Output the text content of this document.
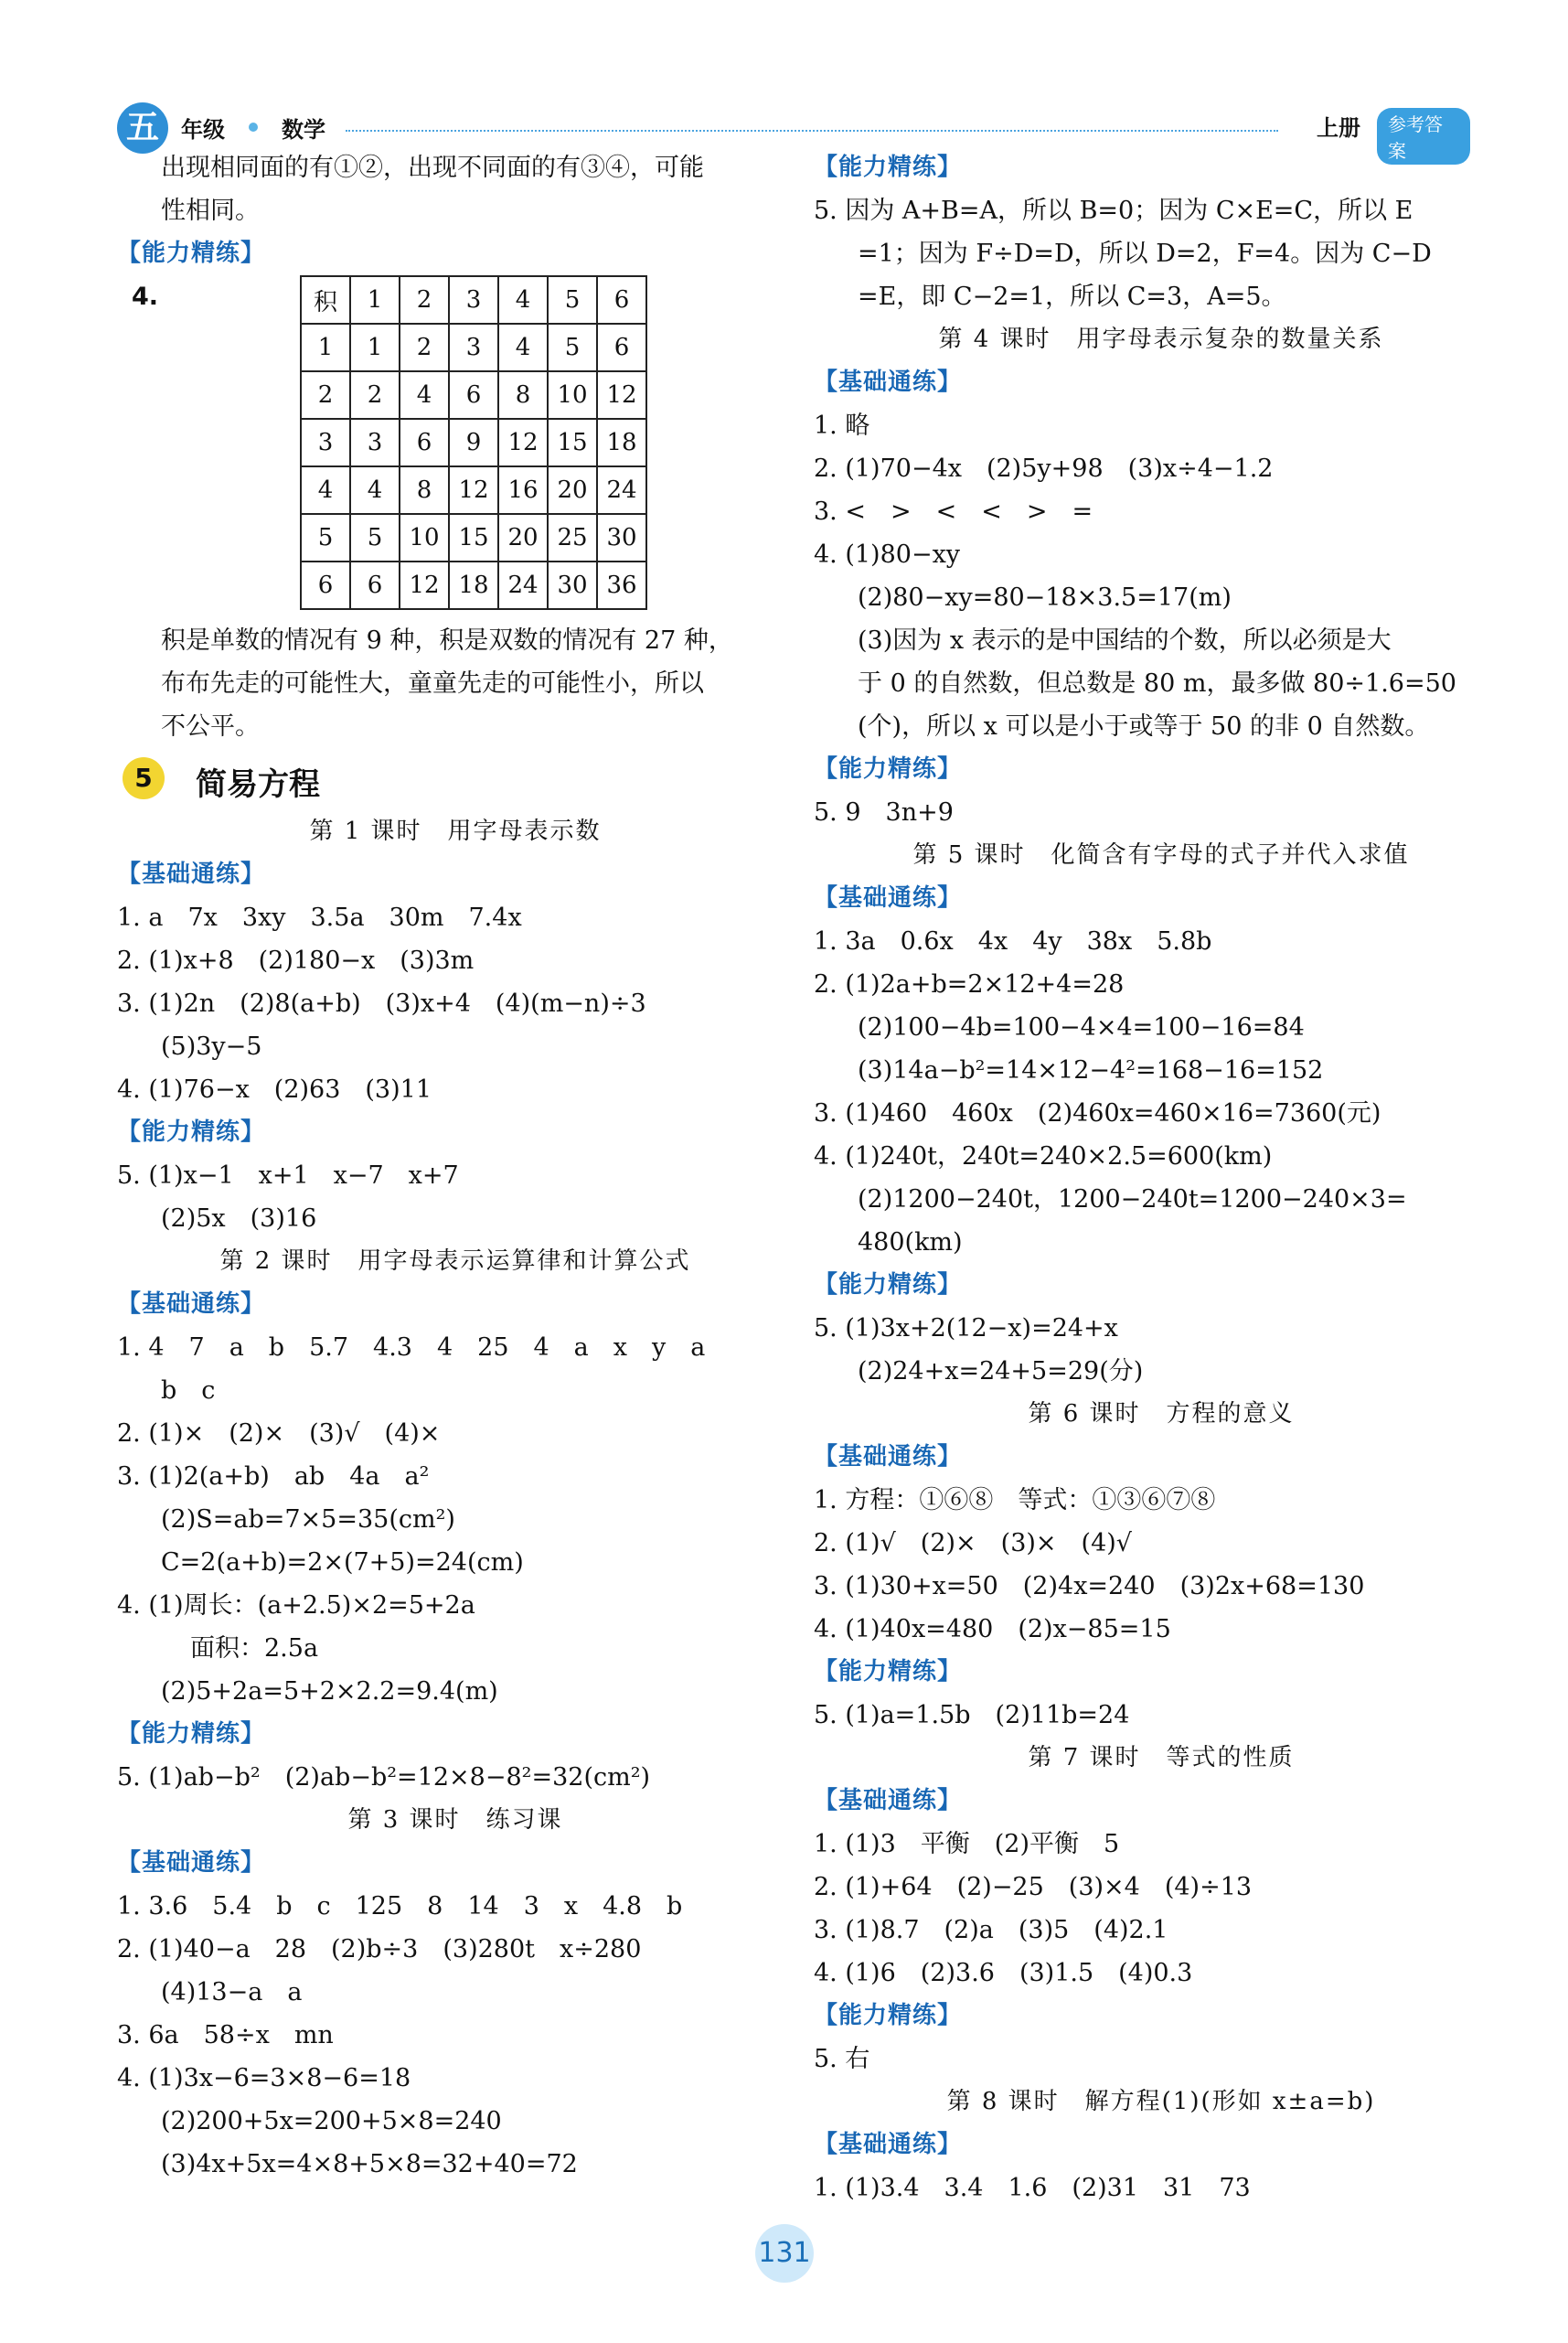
五	年级	数学	上册	参考答案
出现相同面的有①②，出现不同面的有③④，可能
性相同。
【能力精练】
4.	积	1	2	3	4	5	6
1	1	2	3	4	5	6
2	2	4	6	8	10	12
3	3	6	9	12	15	18
4	4	8	12	16	20	24
5	5	10	15	20	25	30
6	6	12	18	24	30	36
积是单数的情况有 9 种，积是双数的情况有 27 种，
布布先走的可能性大，童童先走的可能性小，所以
不公平。
5	简易方程
第 1 课时　用字母表示数
【基础通练】
1. a　7x　3xy　3.5a　30m　7.4x
2. (1)x+8　(2)180−x　(3)3m
3. (1)2n　(2)8(a+b)　(3)x+4　(4)(m−n)÷3
(5)3y−5
4. (1)76−x　(2)63　(3)11
【能力精练】
5. (1)x−1　x+1　x−7　x+7
(2)5x　(3)16
第 2 课时　用字母表示运算律和计算公式
【基础通练】
1. 4　7　a　b　5.7　4.3　4　25　4　a　x　y　a
b　c
2. (1)×　(2)×　(3)√　(4)×
3. (1)2(a+b)　ab　4a　a²
(2)S=ab=7×5=35(cm²)
C=2(a+b)=2×(7+5)=24(cm)
4. (1)周长：(a+2.5)×2=5+2a
面积：2.5a
(2)5+2a=5+2×2.2=9.4(m)
【能力精练】
5. (1)ab−b²　(2)ab−b²=12×8−8²=32(cm²)
第 3 课时　练习课
【基础通练】
1. 3.6　5.4　b　c　125　8　14　3　x　4.8　b
2. (1)40−a　28　(2)b÷3　(3)280t　x÷280
(4)13−a　a
3. 6a　58÷x　mn
4. (1)3x−6=3×8−6=18
(2)200+5x=200+5×8=240
(3)4x+5x=4×8+5×8=32+40=72
【能力精练】
5. 因为 A+B=A，所以 B=0；因为 C×E=C，所以 E
=1；因为 F÷D=D，所以 D=2，F=4。因为 C−D
=E，即 C−2=1，所以 C=3，A=5。
第 4 课时　用字母表示复杂的数量关系
【基础通练】
1. 略
2. (1)70−4x　(2)5y+98　(3)x÷4−1.2
3. <　>　<　<　>　=
4. (1)80−xy
(2)80−xy=80−18×3.5=17(m)
(3)因为 x 表示的是中国结的个数，所以必须是大
于 0 的自然数，但总数是 80 m，最多做 80÷1.6=50
(个)，所以 x 可以是小于或等于 50 的非 0 自然数。
【能力精练】
5. 9　3n+9
第 5 课时　化简含有字母的式子并代入求值
【基础通练】
1. 3a　0.6x　4x　4y　38x　5.8b
2. (1)2a+b=2×12+4=28
(2)100−4b=100−4×4=100−16=84
(3)14a−b²=14×12−4²=168−16=152
3. (1)460　460x　(2)460x=460×16=7360(元)
4. (1)240t，240t=240×2.5=600(km)
(2)1200−240t，1200−240t=1200−240×3=
480(km)
【能力精练】
5. (1)3x+2(12−x)=24+x
(2)24+x=24+5=29(分)
第 6 课时　方程的意义
【基础通练】
1. 方程：①⑥⑧　等式：①③⑥⑦⑧
2. (1)√　(2)×　(3)×　(4)√
3. (1)30+x=50　(2)4x=240　(3)2x+68=130
4. (1)40x=480　(2)x−85=15
【能力精练】
5. (1)a=1.5b　(2)11b=24
第 7 课时　等式的性质
【基础通练】
1. (1)3　平衡　(2)平衡　5
2. (1)+64　(2)−25　(3)×4　(4)÷13
3. (1)8.7　(2)a　(3)5　(4)2.1
4. (1)6　(2)3.6　(3)1.5　(4)0.3
【能力精练】
5. 右
第 8 课时　解方程(1)(形如 x±a=b)
【基础通练】
1. (1)3.4　3.4　1.6　(2)31　31　73
131
